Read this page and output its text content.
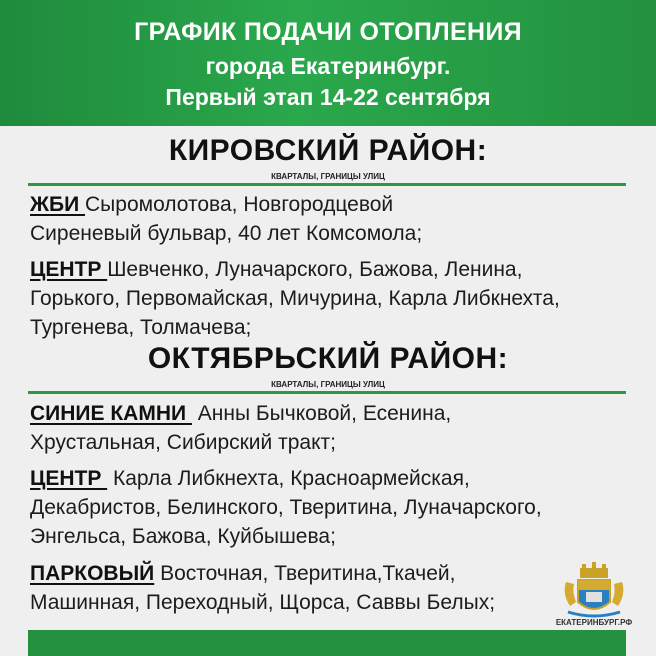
ГРАФИК ПОДАЧИ ОТОПЛЕНИЯ
города Екатеринбург.
Первый этап 14-22 сентября
КИРОВСКИЙ РАЙОН:
КВАРТАЛЫ, ГРАНИЦЫ УЛИЦ
ЖБИ Сыромолотова, Новгородцевой
Сиреневый бульвар, 40 лет Комсомола;
ЦЕНТР Шевченко, Луначарского, Бажова, Ленина,
Горького, Первомайская, Мичурина, Карла Либкнехта,
Тургенева, Толмачева;
ОКТЯБРЬСКИЙ РАЙОН:
КВАРТАЛЫ, ГРАНИЦЫ УЛИЦ
СИНИЕ КАМНИ  Анны Бычковой, Есенина,
Хрустальная, Сибирский тракт;
ЦЕНТР  Карла Либкнехта, Красноармейская,
Декабристов, Белинского, Тверитина, Луначарского,
Энгельса, Бажова, Куйбышева;
ПАРКОВЫЙ Восточная, Тверитина,Ткачей,
Машинная, Переходный, Щорса, Саввы Белых;
ЕКАТЕРИНБУРГ.РФ
